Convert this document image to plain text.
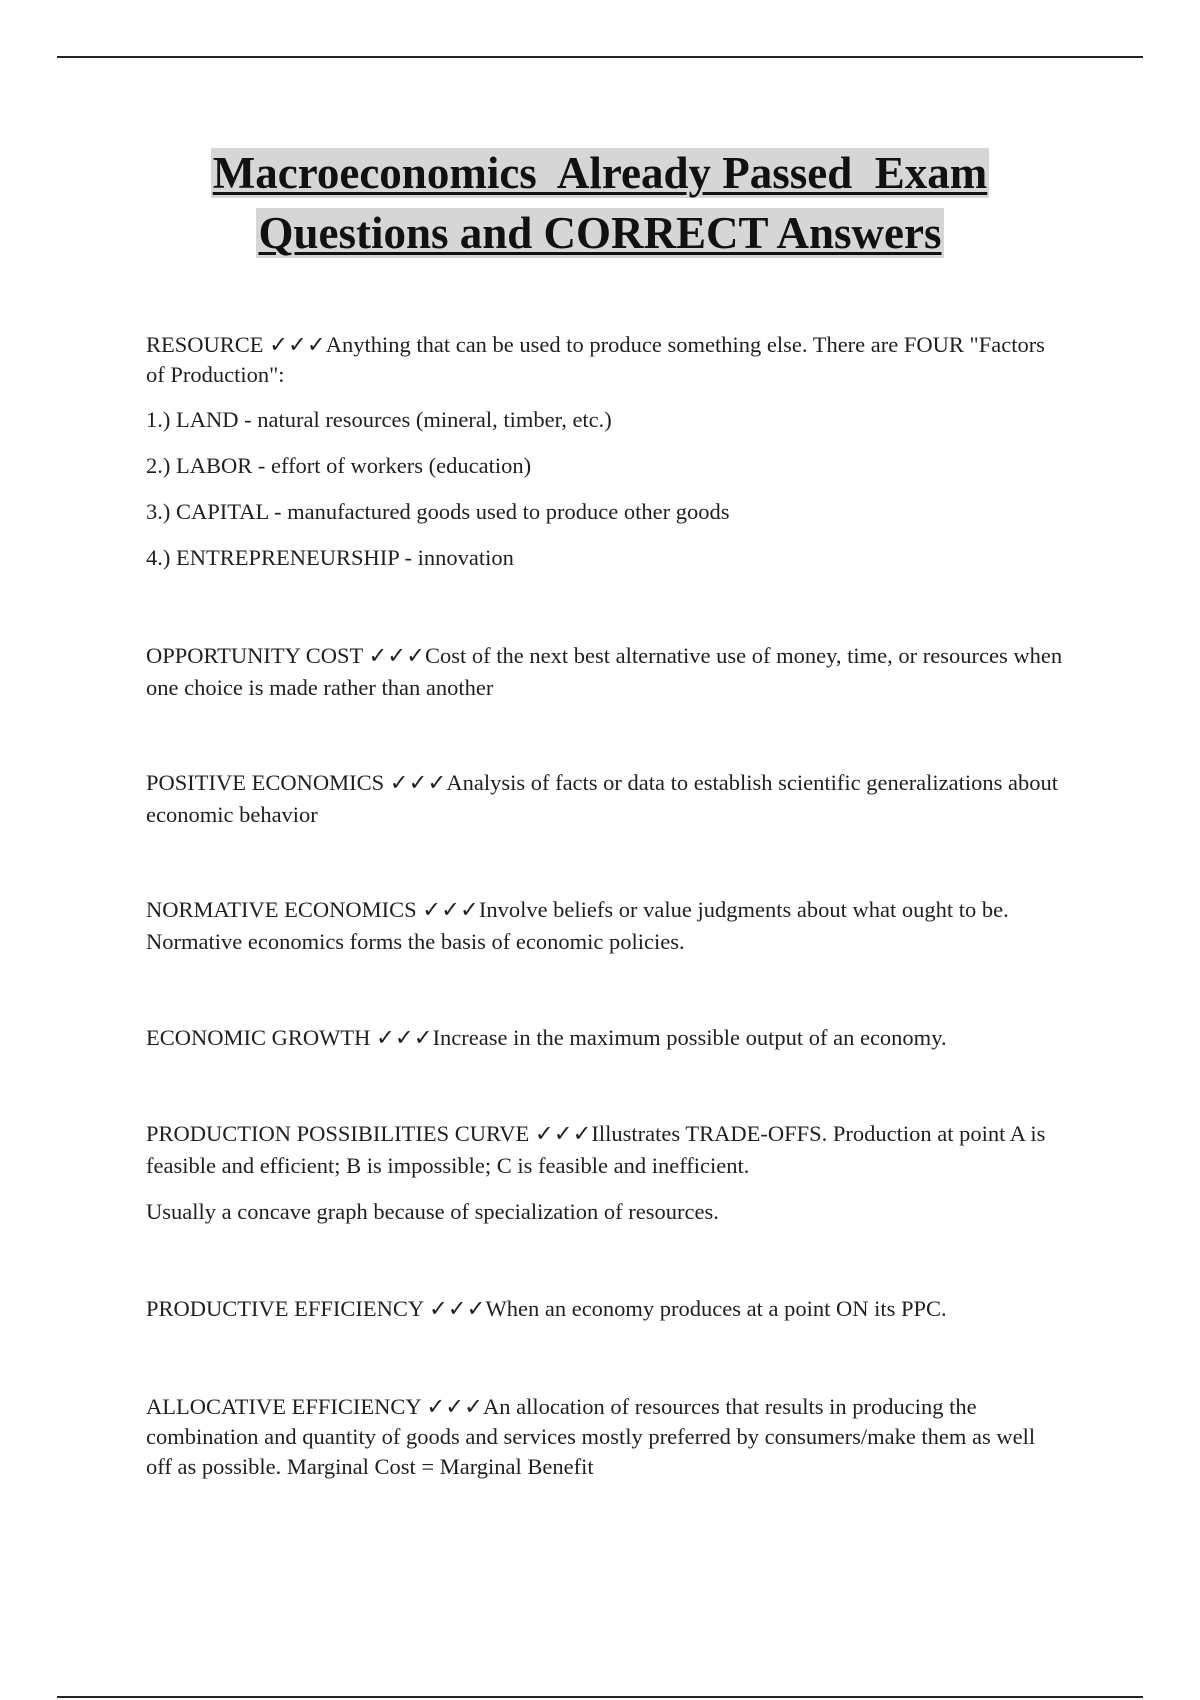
Macroeconomics  Already Passed  Exam
Questions and CORRECT Answers

RESOURCE ✓✓✓Anything that can be used to produce something else. There are FOUR "Factors of Production":

1.) LAND - natural resources (mineral, timber, etc.)

2.) LABOR - effort of workers (education)

3.) CAPITAL - manufactured goods used to produce other goods

4.) ENTREPRENEURSHIP - innovation

OPPORTUNITY COST ✓✓✓Cost of the next best alternative use of money, time, or resources when one choice is made rather than another

POSITIVE ECONOMICS ✓✓✓Analysis of facts or data to establish scientific generalizations about economic behavior

NORMATIVE ECONOMICS ✓✓✓Involve beliefs or value judgments about what ought to be. Normative economics forms the basis of economic policies.

ECONOMIC GROWTH ✓✓✓Increase in the maximum possible output of an economy.

PRODUCTION POSSIBILITIES CURVE ✓✓✓Illustrates TRADE-OFFS. Production at point A is feasible and efficient; B is impossible; C is feasible and inefficient.

Usually a concave graph because of specialization of resources.

PRODUCTIVE EFFICIENCY ✓✓✓When an economy produces at a point ON its PPC.

ALLOCATIVE EFFICIENCY ✓✓✓An allocation of resources that results in producing the combination and quantity of goods and services mostly preferred by consumers/make them as well off as possible. Marginal Cost = Marginal Benefit
